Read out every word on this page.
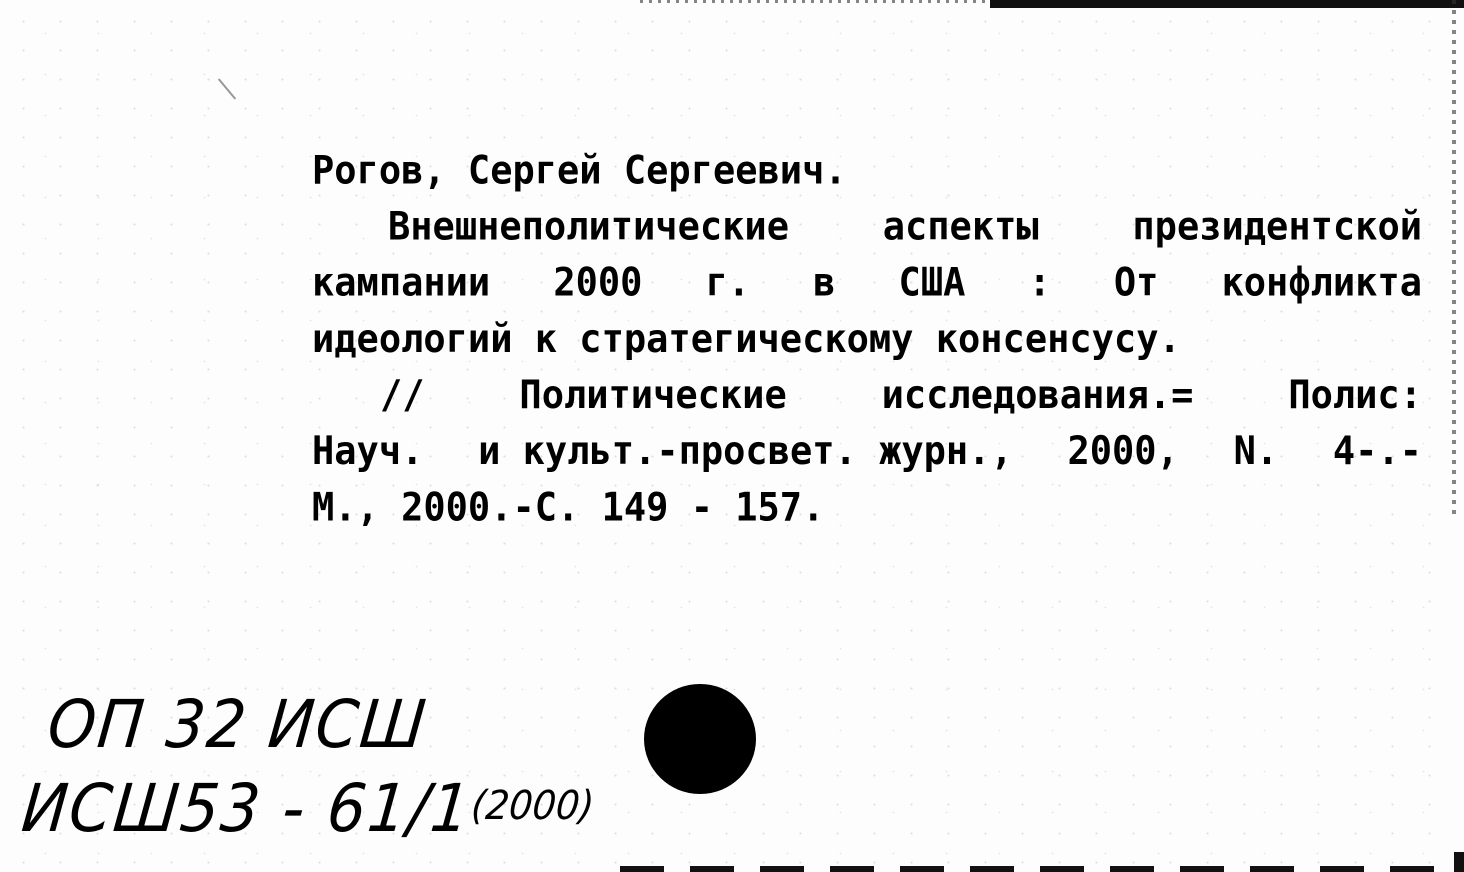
Рогов, Сергей Сергеевич.
Внешнеполитические	аспекты	президентской
кампании 2000 г. в США : От конфликта
идеологий к стратегическому консенсусу.
//	Политические	исследования.=	Полис:
Науч. и культ.-просвет. журн., 2000, N. 4-.-
М., 2000.-С. 149 - 157.
ОП 32 ИСШ
ИСШ53 - 61/1(2000)
